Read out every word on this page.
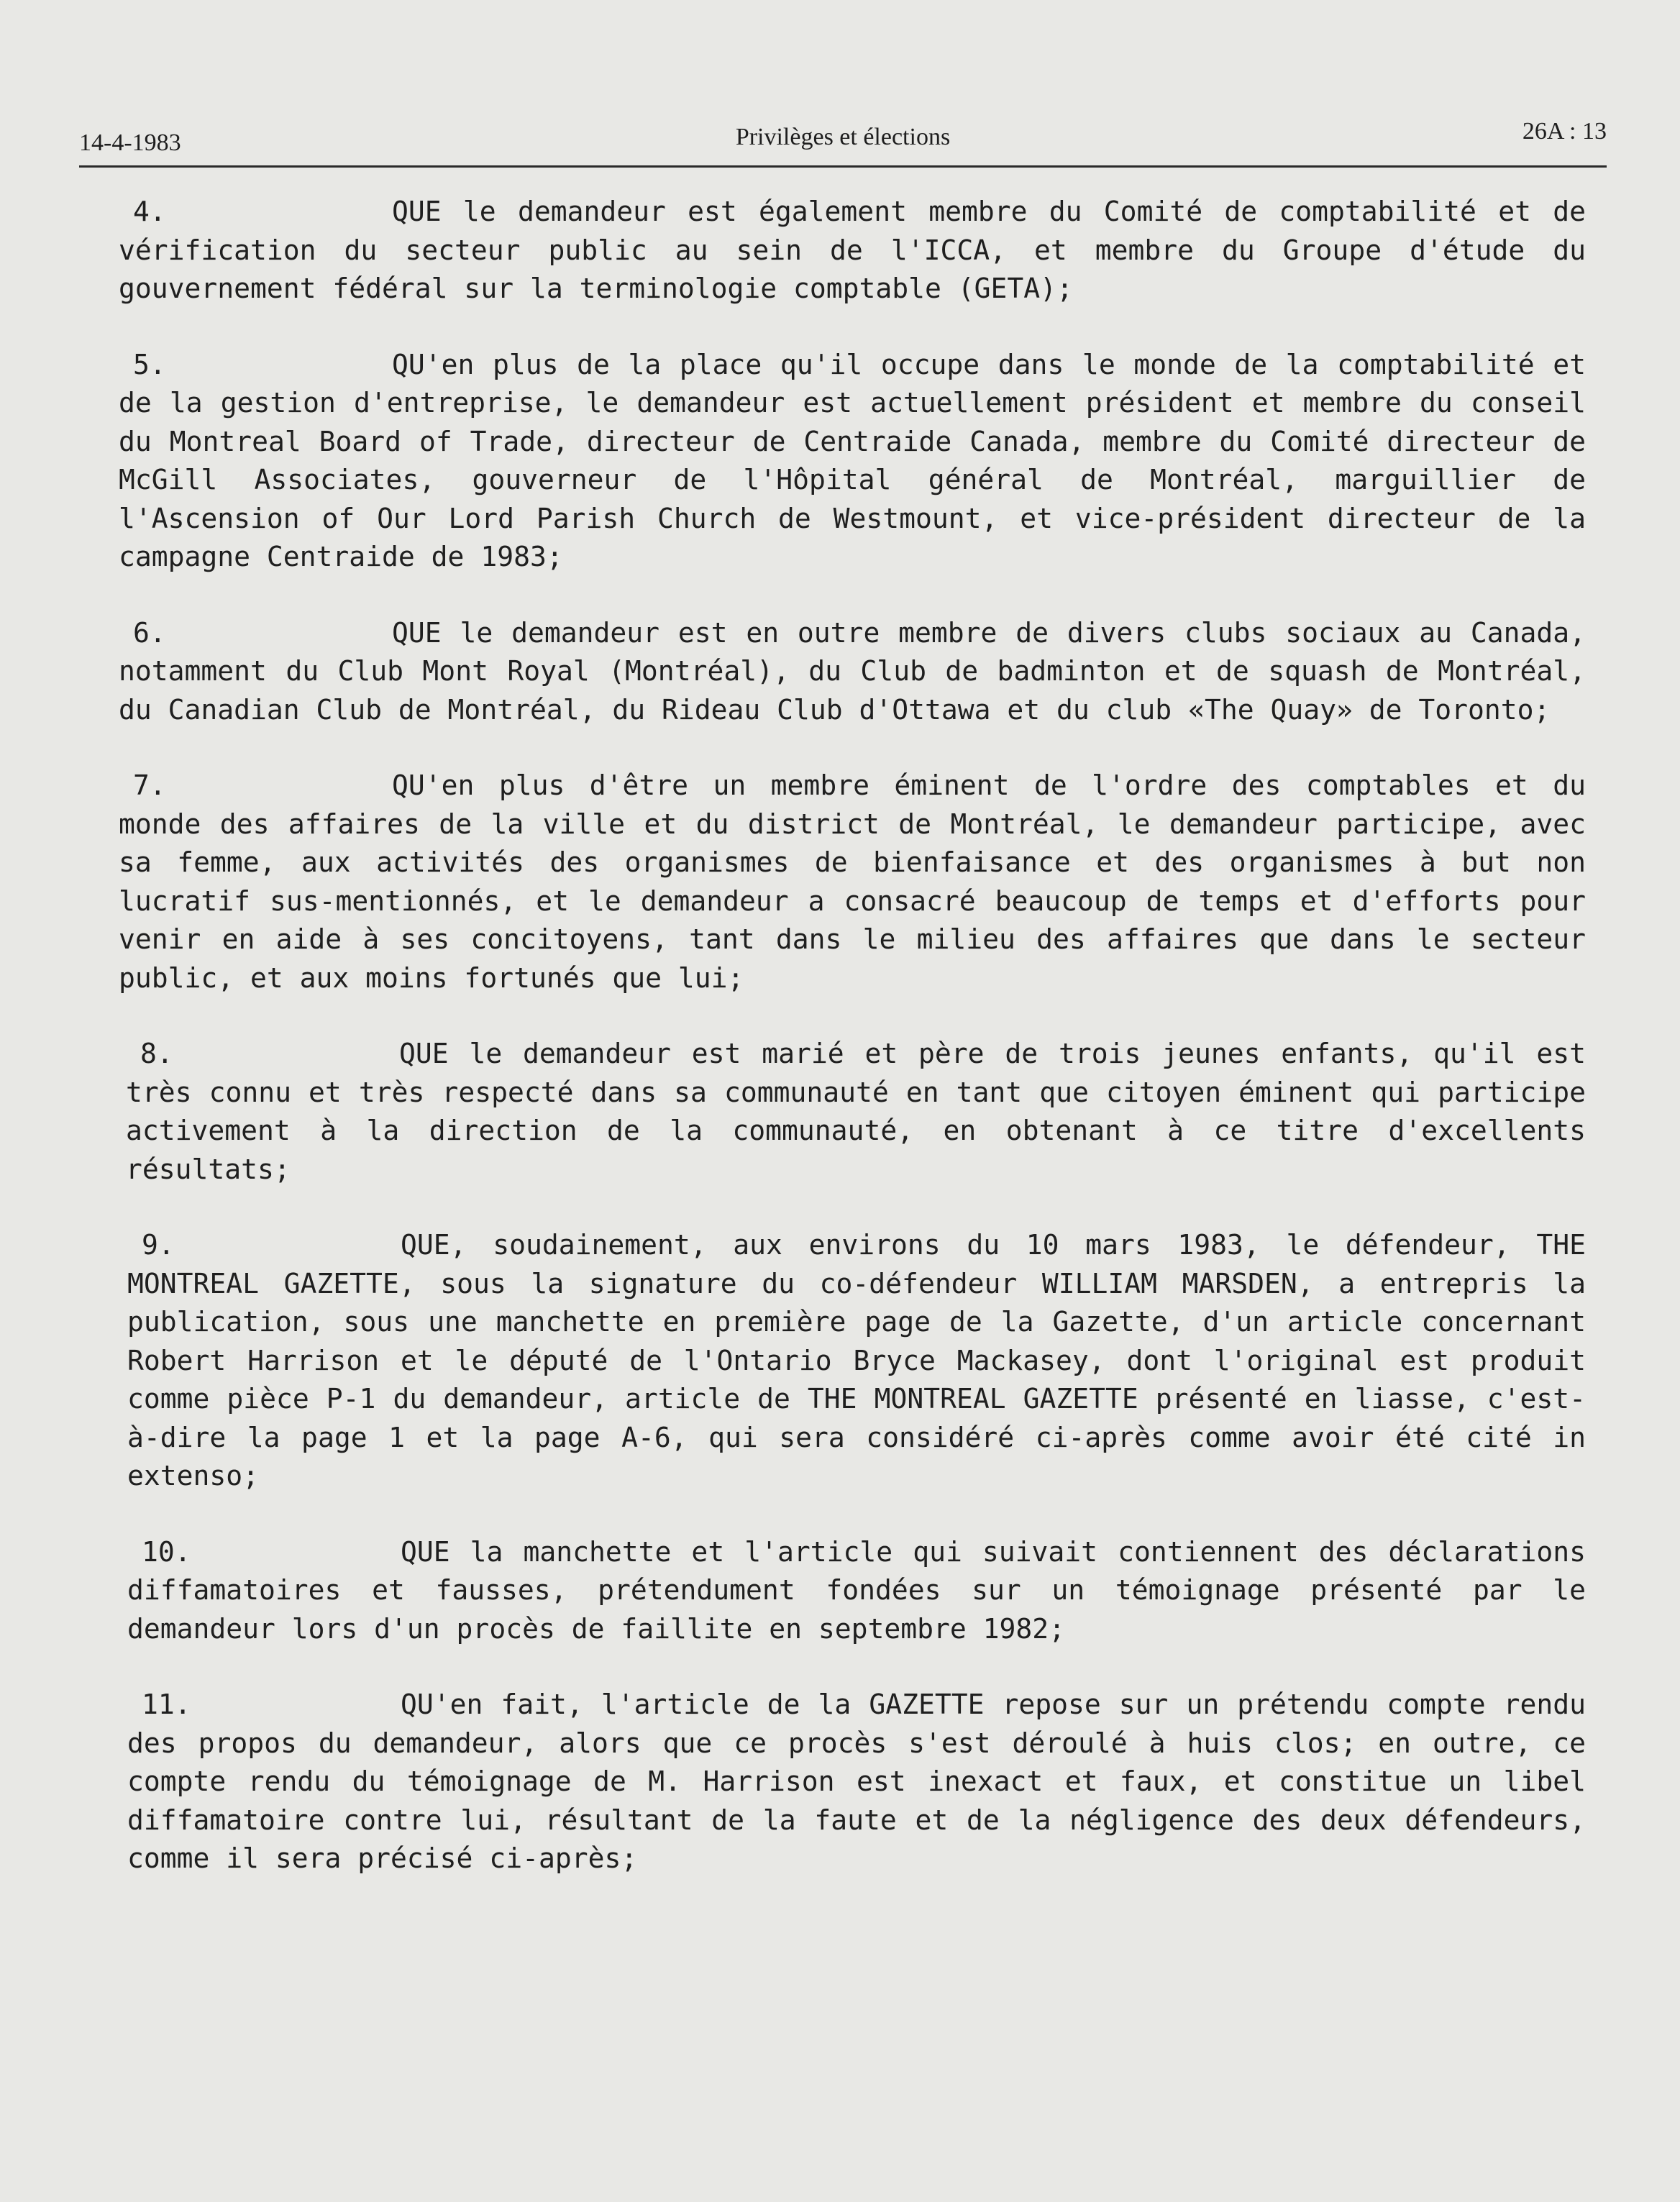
14-4-1983	Privilèges et élections	26A : 13

4.	QUE le demandeur est également membre du Comité de comptabilité et de vérification du secteur public au sein de l'ICCA, et membre du Groupe d'étude du gouvernement fédéral sur la terminologie comptable (GETA);

5.	QU'en plus de la place qu'il occupe dans le monde de la comptabilité et de la gestion d'entreprise, le demandeur est actuellement président et membre du conseil du Montreal Board of Trade, directeur de Centraide Canada, membre du Comité directeur de McGill Associates, gouverneur de l'Hôpital général de Montréal, marguillier de l'Ascension of Our Lord Parish Church de Westmount, et vice-président directeur de la campagne Centraide de 1983;

6.	QUE le demandeur est en outre membre de divers clubs sociaux au Canada, notamment du Club Mont Royal (Montréal), du Club de badminton et de squash de Montréal, du Canadian Club de Montréal, du Rideau Club d'Ottawa et du club «The Quay» de Toronto;

7.	QU'en plus d'être un membre éminent de l'ordre des comptables et du monde des affaires de la ville et du district de Montréal, le demandeur participe, avec sa femme, aux activités des organismes de bienfaisance et des organismes à but non lucratif sus-mentionnés, et le demandeur a consacré beaucoup de temps et d'efforts pour venir en aide à ses concitoyens, tant dans le milieu des affaires que dans le secteur public, et aux moins fortunés que lui;

8.	QUE le demandeur est marié et père de trois jeunes enfants, qu'il est très connu et très respecté dans sa communauté en tant que citoyen éminent qui participe activement à la direction de la communauté, en obtenant à ce titre d'excellents résultats;

9.	QUE, soudainement, aux environs du 10 mars 1983, le défendeur, THE MONTREAL GAZETTE, sous la signature du co-défendeur WILLIAM MARSDEN, a entrepris la publication, sous une manchette en première page de la Gazette, d'un article concernant Robert Harrison et le député de l'Ontario Bryce Mackasey, dont l'original est produit comme pièce P-1 du demandeur, article de THE MONTREAL GAZETTE présenté en liasse, c'est-à-dire la page 1 et la page A-6, qui sera considéré ci-après comme avoir été cité in extenso;

10.	QUE la manchette et l'article qui suivait contiennent des déclarations diffamatoires et fausses, prétendument fondées sur un témoignage présenté par le demandeur lors d'un procès de faillite en septembre 1982;

11.	QU'en fait, l'article de la GAZETTE repose sur un prétendu compte rendu des propos du demandeur, alors que ce procès s'est déroulé à huis clos; en outre, ce compte rendu du témoignage de M. Harrison est inexact et faux, et constitue un libel diffamatoire contre lui, résultant de la faute et de la négligence des deux défendeurs, comme il sera précisé ci-après;
